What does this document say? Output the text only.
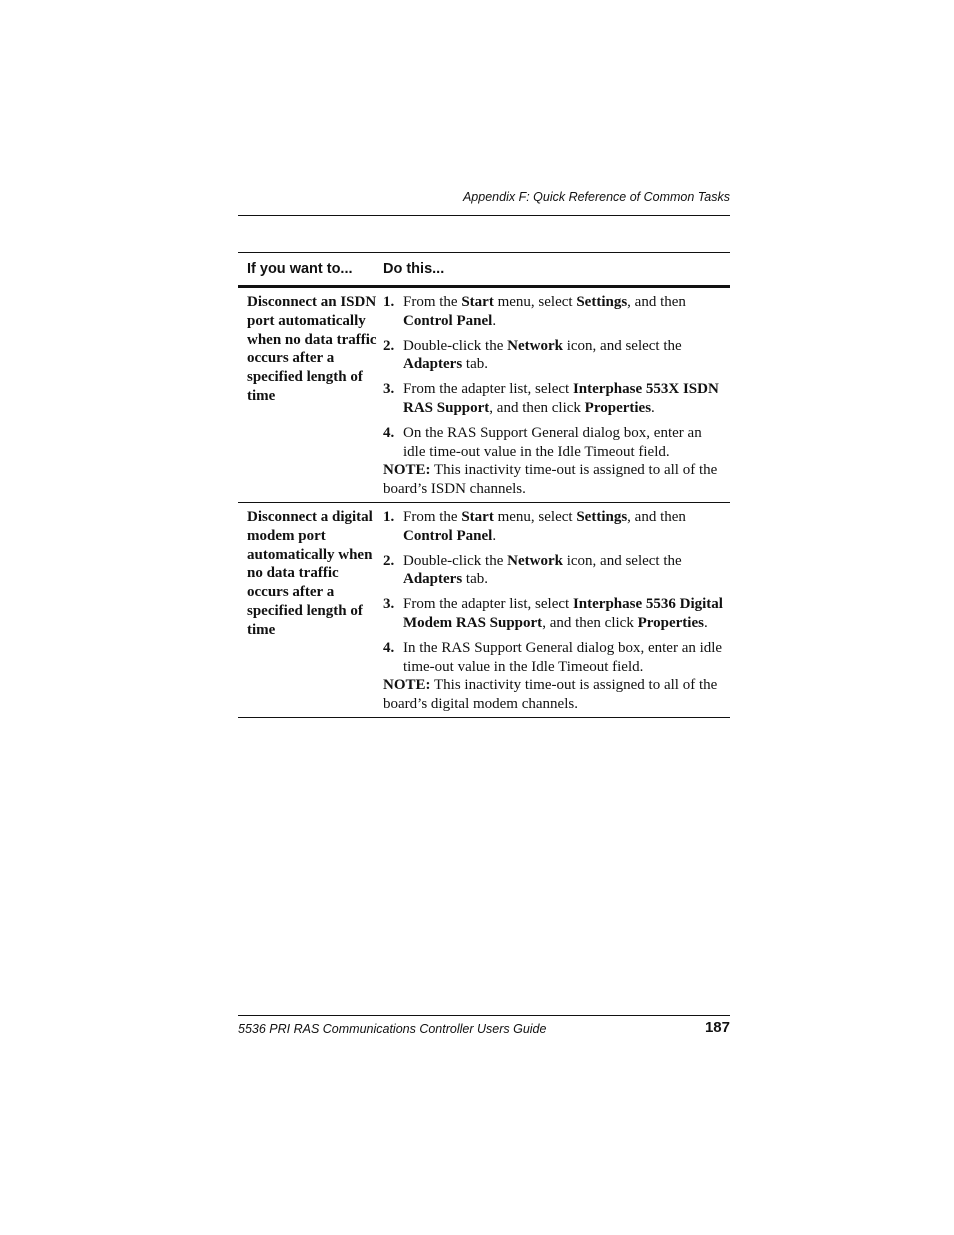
Appendix F: Quick Reference of Common Tasks
If you want to...	Do this...
Disconnect an ISDN port automatically when no data traffic occurs after a specified length of time
1. From the Start menu, select Settings, and then Control Panel.
2. Double-click the Network icon, and select the Adapters tab.
3. From the adapter list, select Interphase 553X ISDN RAS Support, and then click Properties.
4. On the RAS Support General dialog box, enter an idle time-out value in the Idle Timeout field.
NOTE: This inactivity time-out is assigned to all of the board’s ISDN channels.
Disconnect a digital modem port automatically when no data traffic occurs after a specified length of time
1. From the Start menu, select Settings, and then Control Panel.
2. Double-click the Network icon, and select the Adapters tab.
3. From the adapter list, select Interphase 5536 Digital Modem RAS Support, and then click Properties.
4. In the RAS Support General dialog box, enter an idle time-out value in the Idle Timeout field.
NOTE: This inactivity time-out is assigned to all of the board’s digital modem channels.
5536 PRI RAS Communications Controller Users Guide	187
